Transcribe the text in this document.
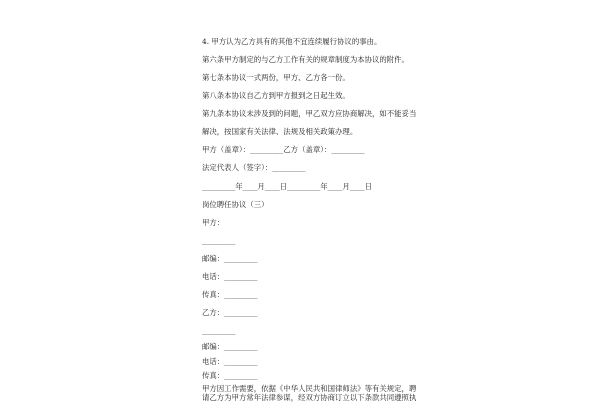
4. 甲方认为乙方具有的其他不宜连续履行协议的事由。
第六条甲方制定的与乙方工作有关的规章制度为本协议的附件。
第七条本协议一式两份，甲方、乙方各一份。
第八条本协议自乙方到甲方报到之日起生效。
第九条本协议未涉及到的问题，甲乙双方应协商解决，如不能妥当
解决，按国家有关法律、法规及相关政策办理。
甲方（盖章）：_________乙方（盖章）：_________
法定代表人（签字）：_________
_________年____月____日_________年____月____日
岗位聘任协议（三）
甲方：
_________
邮编：_________
电话：_________
传真：_________
乙方：_________
_________
邮编：_________
电话：_________
传真：_________
甲方因工作需要，依据《中华人民共和国律师法》等有关规定，聘
请乙方为甲方常年法律参谋，经双方协商订立以下条款共同遵照执
